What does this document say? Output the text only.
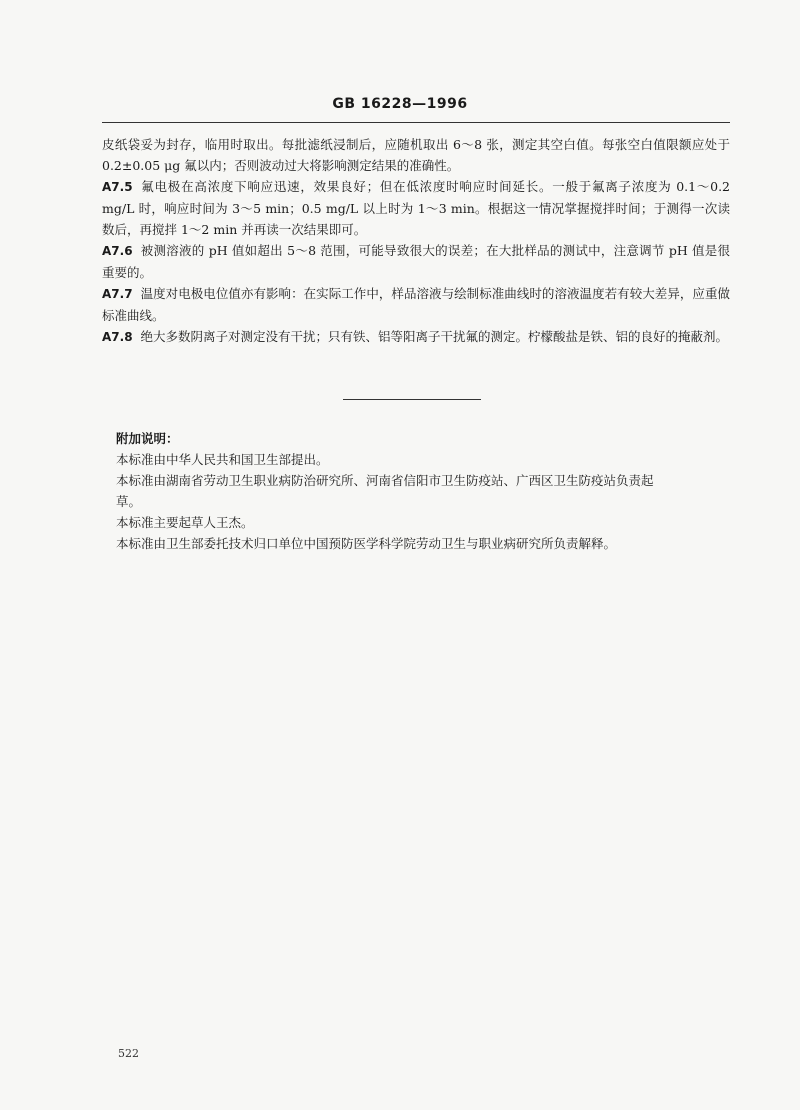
GB 16228—1996

皮纸袋妥为封存，临用时取出。每批滤纸浸制后，应随机取出 6～8 张，测定其空白值。每张空白值限额应处于 0.2±0.05 μg 氟以内；否则波动过大将影响测定结果的准确性。

A7.5 氟电极在高浓度下响应迅速，效果良好；但在低浓度时响应时间延长。一般于氟离子浓度为 0.1～0.2 mg/L 时，响应时间为 3～5 min；0.5 mg/L 以上时为 1～3 min。根据这一情况掌握搅拌时间；于测得一次读数后，再搅拌 1～2 min 并再读一次结果即可。

A7.6 被测溶液的 pH 值如超出 5～8 范围，可能导致很大的误差；在大批样品的测试中，注意调节 pH 值是很重要的。

A7.7 温度对电极电位值亦有影响：在实际工作中，样品溶液与绘制标准曲线时的溶液温度若有较大差异，应重做标准曲线。

A7.8 绝大多数阴离子对测定没有干扰；只有铁、铝等阳离子干扰氟的测定。柠檬酸盐是铁、铝的良好的掩蔽剂。

附加说明：

本标准由中华人民共和国卫生部提出。

本标准由湖南省劳动卫生职业病防治研究所、河南省信阳市卫生防疫站、广西区卫生防疫站负责起

草。

本标准主要起草人王杰。

本标准由卫生部委托技术归口单位中国预防医学科学院劳动卫生与职业病研究所负责解释。

522
